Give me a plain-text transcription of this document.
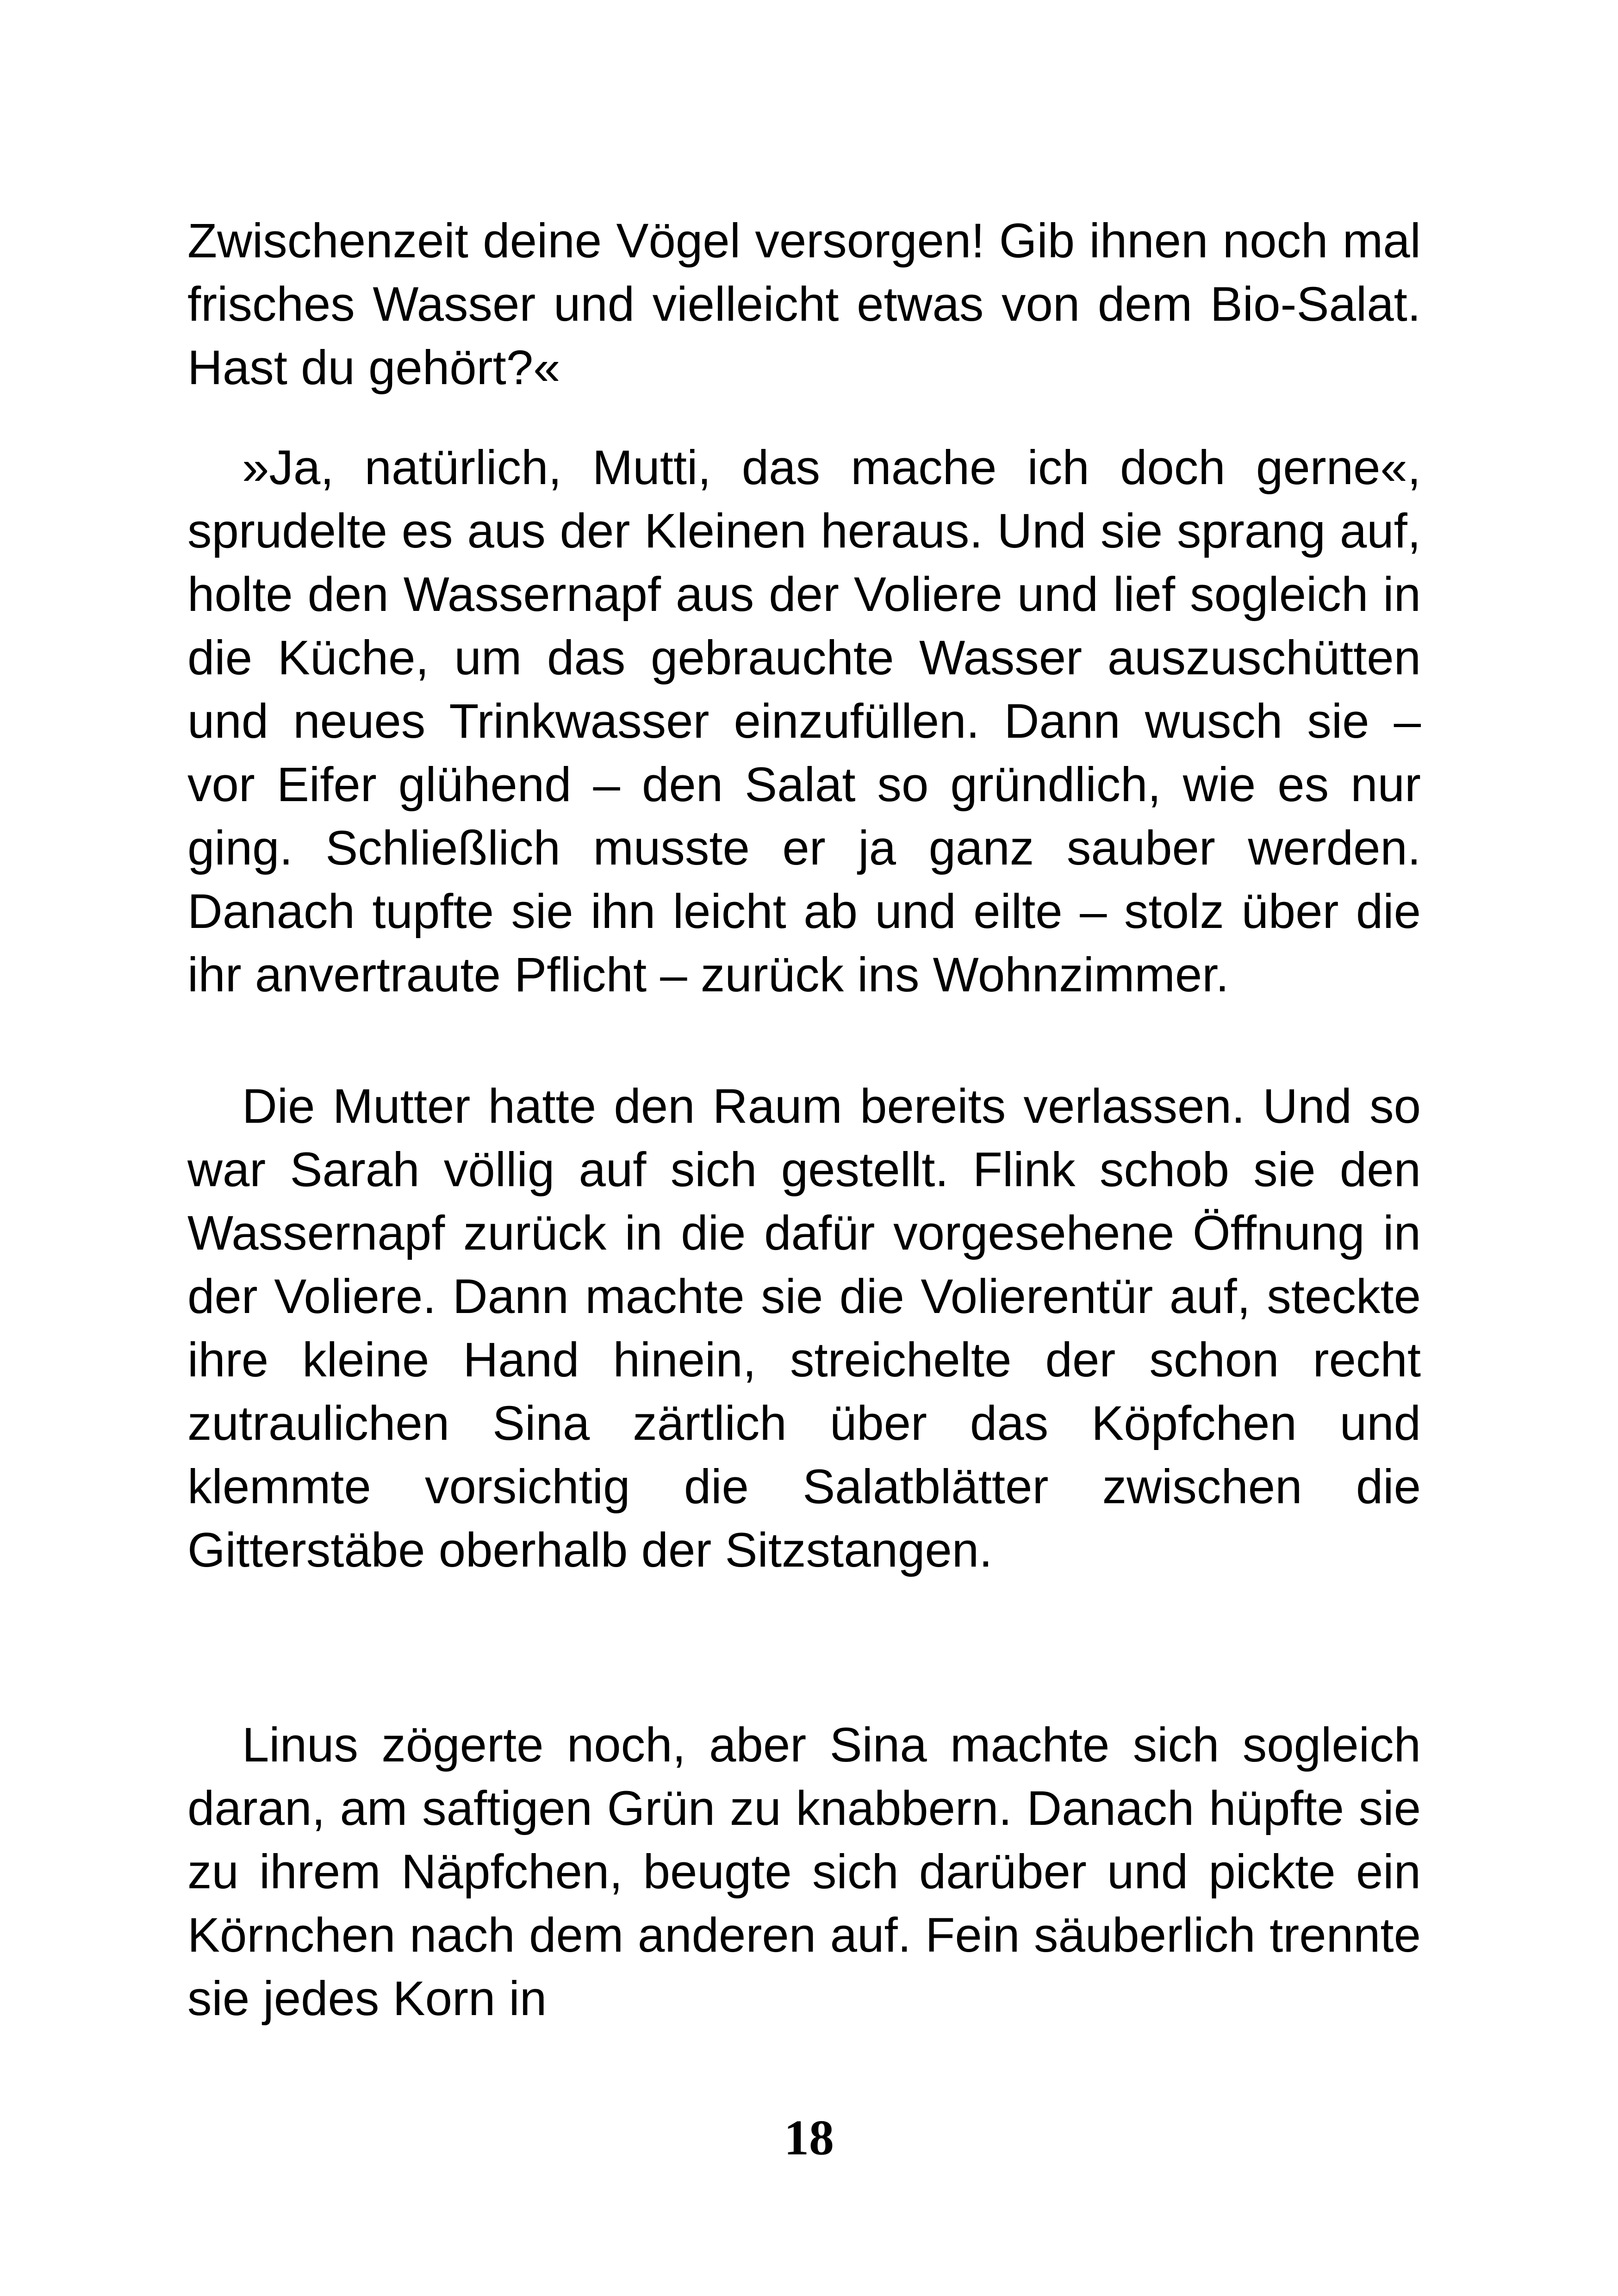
Zwischenzeit deine Vögel versorgen! Gib ihnen noch mal frisches Wasser und vielleicht etwas von dem Bio-Salat. Hast du gehört?«

»Ja, natürlich, Mutti, das mache ich doch gerne«, sprudelte es aus der Kleinen heraus. Und sie sprang auf, holte den Wassernapf aus der Voliere und lief sogleich in die Küche, um das gebrauchte Wasser auszuschütten und neues Trinkwasser einzufüllen. Dann wusch sie – vor Eifer glühend – den Salat so gründlich, wie es nur ging. Schließlich musste er ja ganz sauber werden. Danach tupfte sie ihn leicht ab und eilte – stolz über die ihr anvertraute Pflicht – zurück ins Wohnzimmer.

Die Mutter hatte den Raum bereits verlassen. Und so war Sarah völlig auf sich gestellt. Flink schob sie den Wassernapf zurück in die dafür vorgesehene Öffnung in der Voliere. Dann machte sie die Volierentür auf, steckte ihre kleine Hand hinein, streichelte der schon recht zutraulichen Sina zärtlich über das Köpfchen und klemmte vorsichtig die Salatblätter zwischen die Gitterstäbe oberhalb der Sitzstangen.

Linus zögerte noch, aber Sina machte sich sogleich daran, am saftigen Grün zu knabbern. Danach hüpfte sie zu ihrem Näpfchen, beugte sich darüber und pickte ein Körnchen nach dem anderen auf. Fein säuberlich trennte sie jedes Korn in

18
